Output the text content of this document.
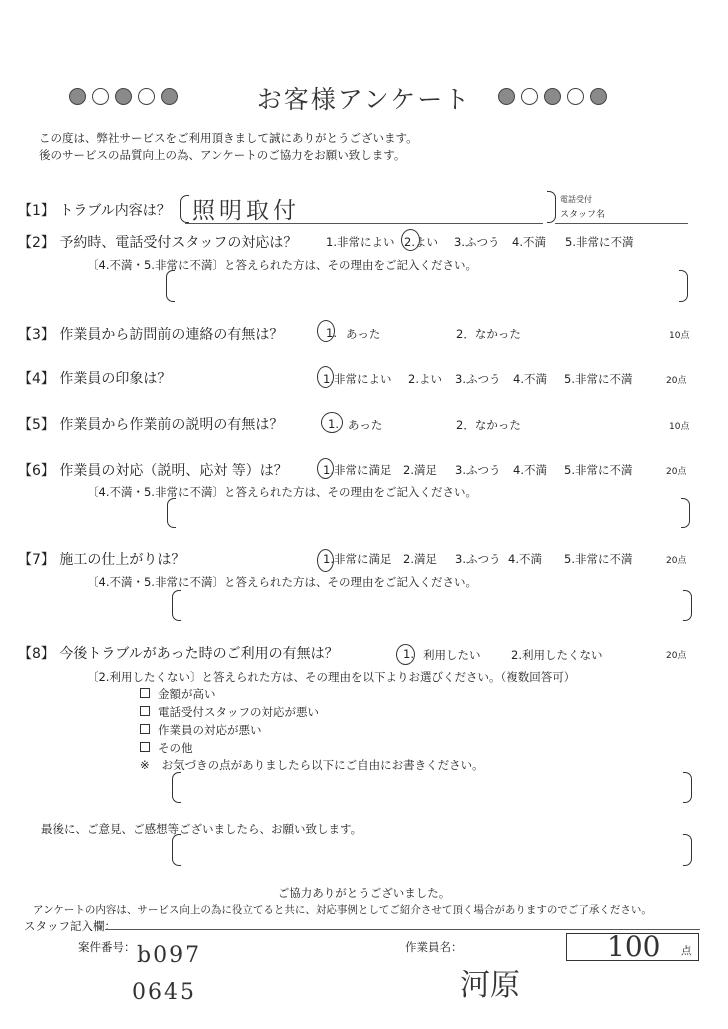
お客様アンケート
この度は、弊社サービスをご利用頂きまして誠にありがとうございます。
後のサービスの品質向上の為、アンケートのご協力をお願い致します。
【1】 トラブル内容は？ 照明取付	電話受付
スタッフ名
【2】 予約時、電話受付スタッフの対応は？ 1.非常によい 2.よい 3.ふつう 4.不満 5.非常に不満
〔4.不満・5.非常に不満〕と答えられた方は、その理由をご記入ください。
【3】 作業員から訪問前の連絡の有無は？	1. あった	2．なかった	10点
【4】 作業員の印象は？	1.非常によい 2.よい 3.ふつう 4.不満 5.非常に不満	20点
【5】 作業員から作業前の説明の有無は？	1. あった	2．なかった	10点
【6】 作業員の対応（説明、応対 等）は？	1.非常に満足 2.満足 3.ふつう 4.不満 5.非常に不満	20点
〔4.不満・5.非常に不満〕と答えられた方は、その理由をご記入ください。
【7】 施工の仕上がりは？	1.非常に満足 2.満足 3.ふつう 4.不満 5.非常に不満	20点
〔4.不満・5.非常に不満〕と答えられた方は、その理由をご記入ください。
【8】 今後トラブルがあった時のご利用の有無は？	1. 利用したい	2.利用したくない	20点
〔2.利用したくない〕と答えられた方は、その理由を以下よりお選びください。（複数回答可）
金額が高い
電話受付スタッフの対応が悪い
作業員の対応が悪い
その他
※ お気づきの点がありましたら以下にご自由にお書きください。
最後に、ご意見、ご感想等ございましたら、お願い致します。
ご協力ありがとうございました。
アンケートの内容は、サービス向上の為に役立てると共に、対応事例としてご紹介させて頂く場合がありますのでご了承ください。
スタッフ記入欄：
案件番号： b097
0645
作業員名：
河原
100 点
